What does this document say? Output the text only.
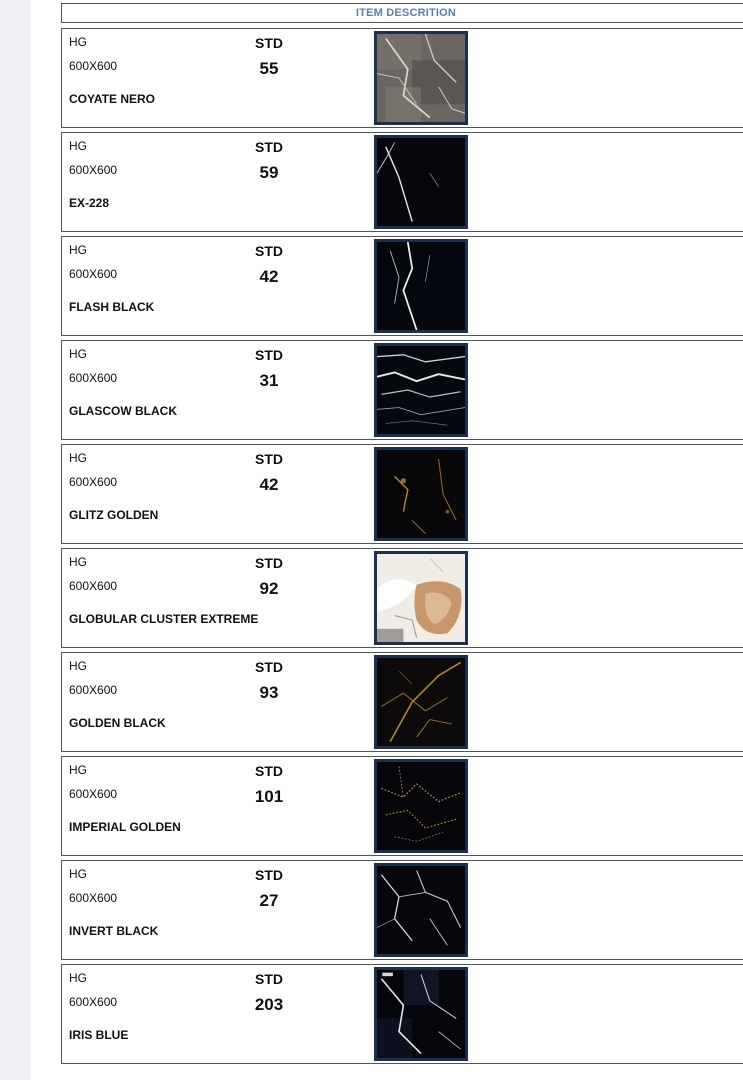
ITEM DESCRITION
HG
600X600
COYATE NERO
STD
55
HG
600X600
EX-228
STD
59
HG
600X600
FLASH BLACK
STD
42
HG
600X600
GLASCOW BLACK
STD
31
HG
600X600
GLITZ GOLDEN
STD
42
HG
600X600
GLOBULAR CLUSTER EXTREME
STD
92
HG
600X600
GOLDEN BLACK
STD
93
HG
600X600
IMPERIAL GOLDEN
STD
101
HG
600X600
INVERT BLACK
STD
27
HG
600X600
IRIS BLUE
STD
203
